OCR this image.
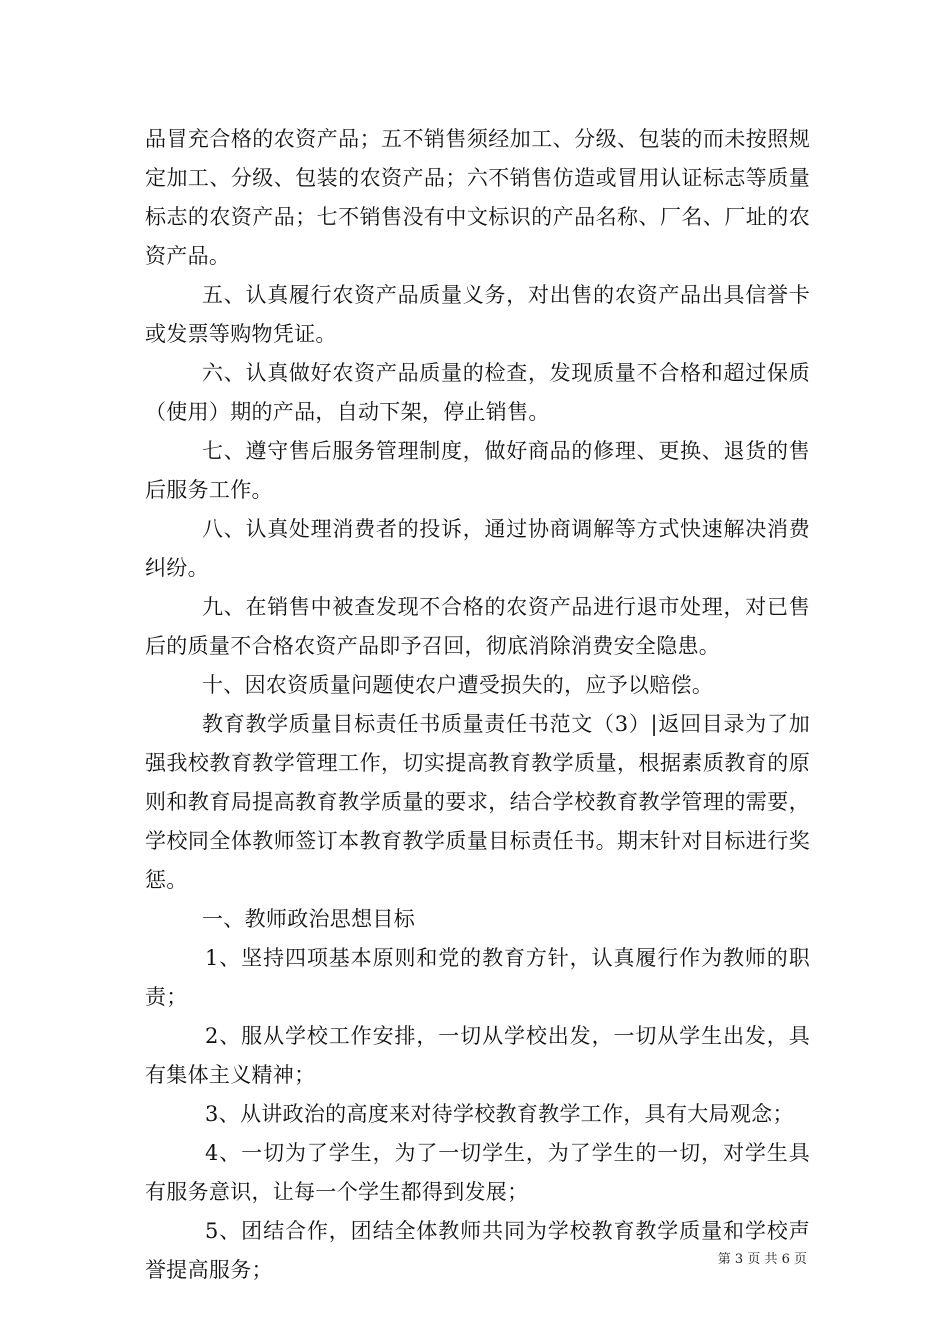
品冒充合格的农资产品；五不销售须经加工、分级、包装的而未按照规定加工、分级、包装的农资产品；六不销售仿造或冒用认证标志等质量标志的农资产品；七不销售没有中文标识的产品名称、厂名、厂址的农资产品。

五、认真履行农资产品质量义务，对出售的农资产品出具信誉卡或发票等购物凭证。

六、认真做好农资产品质量的检查，发现质量不合格和超过保质（使用）期的产品，自动下架，停止销售。

七、遵守售后服务管理制度，做好商品的修理、更换、退货的售后服务工作。

八、认真处理消费者的投诉，通过协商调解等方式快速解决消费纠纷。

九、在销售中被查发现不合格的农资产品进行退市处理，对已售后的质量不合格农资产品即予召回，彻底消除消费安全隐患。

十、因农资质量问题使农户遭受损失的，应予以赔偿。

教育教学质量目标责任书质量责任书范文（3）|返回目录为了加强我校教育教学管理工作，切实提高教育教学质量，根据素质教育的原则和教育局提高教育教学质量的要求，结合学校教育教学管理的需要，学校同全体教师签订本教育教学质量目标责任书。期末针对目标进行奖惩。

一、教师政治思想目标

1、坚持四项基本原则和党的教育方针，认真履行作为教师的职责；

2、服从学校工作安排，一切从学校出发，一切从学生出发，具有集体主义精神；

3、从讲政治的高度来对待学校教育教学工作，具有大局观念；

4、一切为了学生，为了一切学生，为了学生的一切，对学生具有服务意识，让每一个学生都得到发展；

5、团结合作，团结全体教师共同为学校教育教学质量和学校声誉提高服务；	第 3 页 共 6 页
